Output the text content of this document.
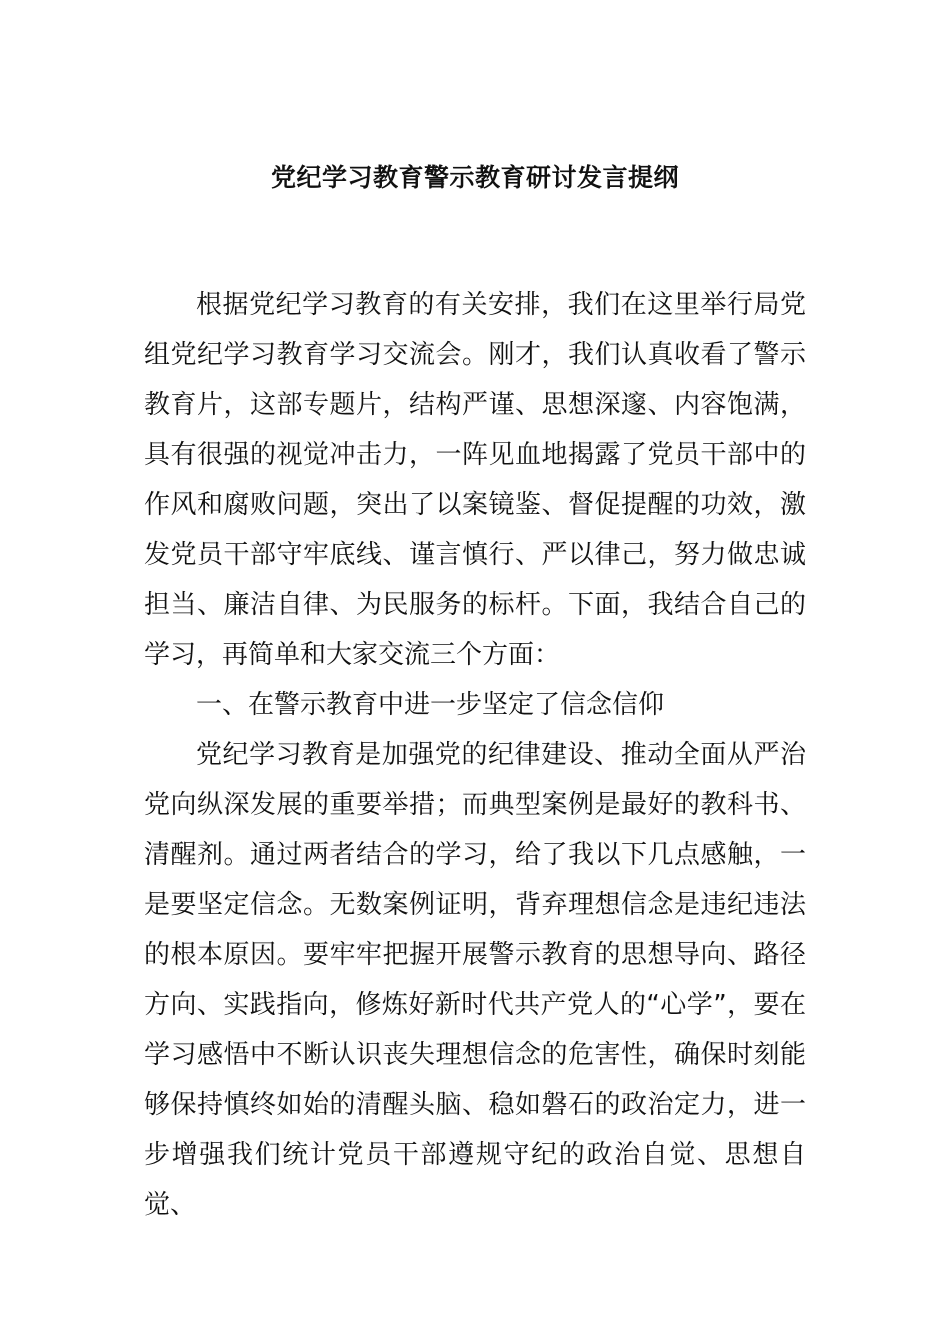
党纪学习教育警示教育研讨发言提纲

根据党纪学习教育的有关安排，我们在这里举行局党组党纪学习教育学习交流会。刚才，我们认真收看了警示教育片，这部专题片，结构严谨、思想深邃、内容饱满，具有很强的视觉冲击力，一阵见血地揭露了党员干部中的作风和腐败问题，突出了以案镜鉴、督促提醒的功效，激发党员干部守牢底线、谨言慎行、严以律己，努力做忠诚担当、廉洁自律、为民服务的标杆。下面，我结合自己的学习，再简单和大家交流三个方面：

一、在警示教育中进一步坚定了信念信仰

党纪学习教育是加强党的纪律建设、推动全面从严治党向纵深发展的重要举措；而典型案例是最好的教科书、清醒剂。通过两者结合的学习，给了我以下几点感触，一是要坚定信念。无数案例证明，背弃理想信念是违纪违法的根本原因。要牢牢把握开展警示教育的思想导向、路径方向、实践指向，修炼好新时代共产党人的“心学”，要在学习感悟中不断认识丧失理想信念的危害性，确保时刻能够保持慎终如始的清醒头脑、稳如磐石的政治定力，进一步增强我们统计党员干部遵规守纪的政治自觉、思想自觉、
